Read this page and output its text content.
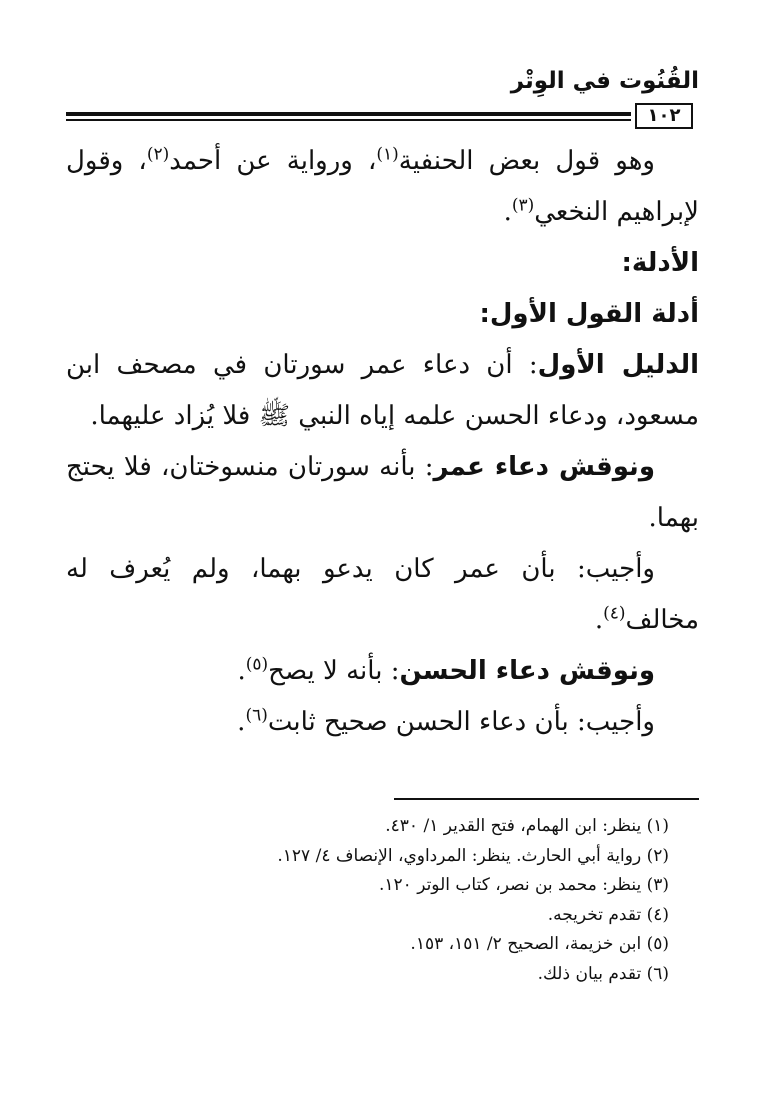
القُنُوت في الوِتْر
١٠٢

وهو قول بعض الحنفية$^{(١)}$، ورواية عن أحمد$^{(٢)}$، وقول لإبراهيم النخعي$^{(٣)}$.

الأدلة:

أدلة القول الأول:

الدليل الأول: أن دعاء عمر سورتان في مصحف ابن مسعود، ودعاء الحسن علمه إياه النبي ﷺ فلا يُزاد عليهما.

ونوقش دعاء عمر: بأنه سورتان منسوختان، فلا يحتج بهما.

وأجيب: بأن عمر كان يدعو بهما، ولم يُعرف له مخالف$^{(٤)}$.

ونوقش دعاء الحسن: بأنه لا يصح$^{(٥)}$.

وأجيب: بأن دعاء الحسن صحيح ثابت$^{(٦)}$.

(١) ينظر: ابن الهمام، فتح القدير ١/ ٤٣٠.

(٢) رواية أبي الحارث. ينظر: المرداوي، الإنصاف ٤/ ١٢٧.

(٣) ينظر: محمد بن نصر، كتاب الوتر ١٢٠.

(٤) تقدم تخريجه.

(٥) ابن خزيمة، الصحيح ٢/ ١٥١، ١٥٣.

(٦) تقدم بيان ذلك.
